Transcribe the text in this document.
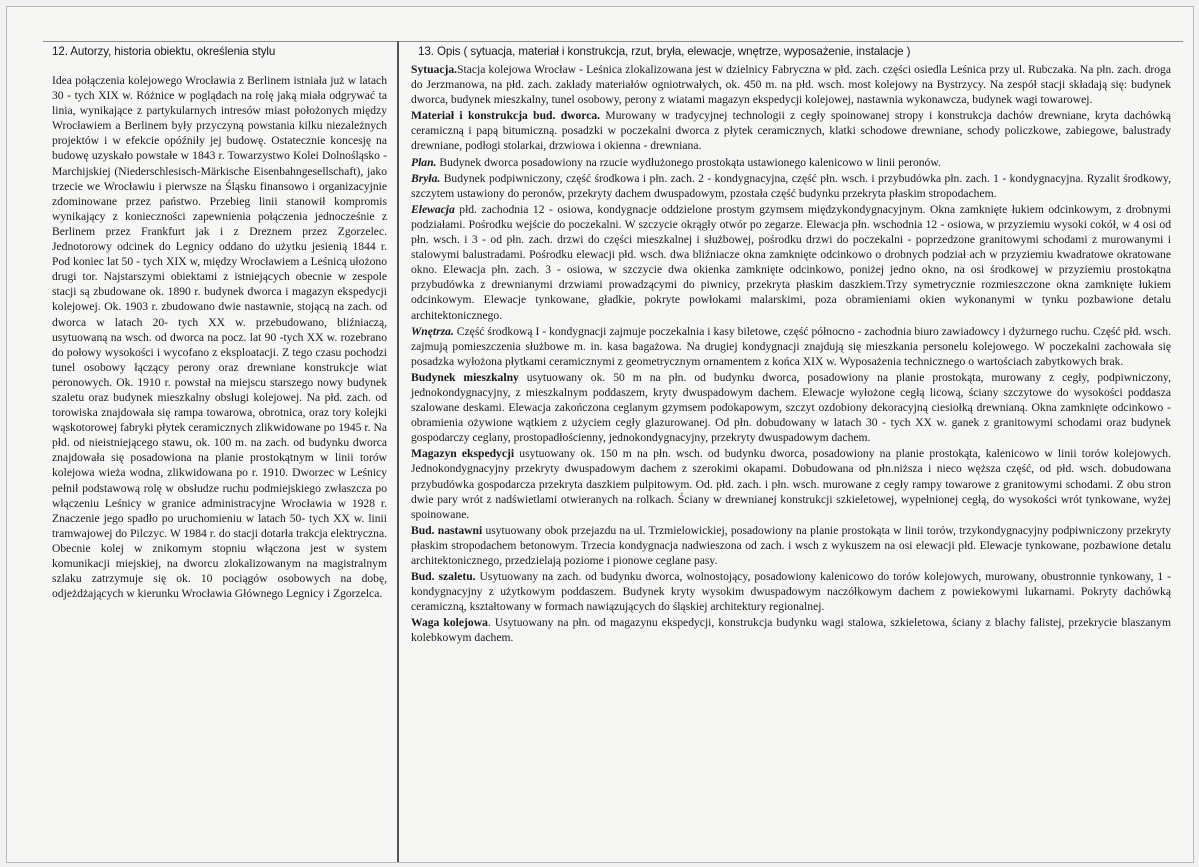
12. Autorzy, historia obiektu, określenia stylu	13. Opis ( sytuacja, materiał i konstrukcja, rzut, bryła, elewacje, wnętrze, wyposażenie, instalacje )

Idea połączenia kolejowego Wrocławia z Berlinem istniała już w latach 30 - tych XIX w. Różnice w poglądach na rolę jaką miała odgrywać ta linia, wynikające z partykularnych intresów miast położonych między Wrocławiem a Berlinem były przyczyną powstania kilku niezależnych projektów i w efekcie opóźniły jej budowę. Ostatecznie koncesję na budowę uzyskało powstałe w 1843 r. Towarzystwo Kolei Dolnośląsko - Marchijskiej (Niederschlesisch-Märkische Eisenbahngesellschaft), jako trzecie we Wrocławiu i pierwsze na Śląsku finansowo i organizacyjnie zdominowane przez państwo. Przebieg linii stanowił kompromis wynikający z konieczności zapewnienia połączenia jednocześnie z Berlinem przez Frankfurt jak i z Dreznem przez Zgorzelec. Jednotorowy odcinek do Legnicy oddano do użytku jesienią 1844 r. Pod koniec lat 50 - tych XIX w, między Wrocławiem a Leśnicą ułożono drugi tor. Najstarszymi obiektami z istniejących obecnie w zespole stacji są zbudowane ok. 1890 r. budynek dworca i magazyn ekspedycji kolejowej. Ok. 1903 r. zbudowano dwie nastawnie, stojącą na zach. od dworca w latach 20- tych XX w. przebudowano, bliźniaczą, usytuowaną na wsch. od dworca na pocz. lat 90 -tych XX w. rozebrano do połowy wysokości i wycofano z eksploatacji. Z tego czasu pochodzi tunel osobowy łączący perony oraz drewniane konstrukcje wiat peronowych. Ok. 1910 r. powstał na miejscu starszego nowy budynek szaletu oraz budynek mieszkalny obsługi kolejowej. Na płd. zach. od torowiska znajdowała się rampa towarowa, obrotnica, oraz tory kolejki wąskotorowej fabryki płytek ceramicznych zlikwidowane po 1945 r. Na płd. od nieistniejącego stawu, ok. 100 m. na zach. od budynku dworca znajdowała się posadowiona na planie prostokątnym w linii torów kolejowa wieża wodna, zlikwidowana po r. 1910. Dworzec w Leśnicy pełnił podstawową rolę w obsłudze ruchu podmiejskiego zwłaszcza po włączeniu Leśnicy w granice administracyjne Wrocławia w 1928 r. Znaczenie jego spadło po uruchomieniu w latach 50- tych XX w. linii tramwajowej do Pilczyc. W 1984 r. do stacji dotarła trakcja elektryczna. Obecnie kolej w znikomym stopniu włączona jest w system komunikacji miejskiej, na dworcu zlokalizowanym na magistralnym szlaku zatrzymuje się ok. 10 pociągów osobowych na dobę, odjeżdżających w kierunku Wrocławia Głównego Legnicy i Zgorzelca.

Sytuacja.Stacja kolejowa Wrocław - Leśnica zlokalizowana jest w dzielnicy Fabryczna w płd. zach. części osiedla Leśnica przy ul. Rubczaka. Na płn. zach. droga do Jerzmanowa, na płd. zach. zakłady materiałów ogniotrwałych, ok. 450 m. na płd. wsch. most kolejowy na Bystrzycy. Na zespół stacji składają się: budynek dworca, budynek mieszkalny, tunel osobowy, perony z wiatami magazyn ekspedycji kolejowej, nastawnia wykonawcza, budynek wagi towarowej.

Materiał i konstrukcja bud. dworca. Murowany w tradycyjnej technologii z cegły spoinowanej stropy i konstrukcja dachów drewniane, kryta dachówką ceramiczną i papą bitumiczną. posadzki w poczekalni dworca z płytek ceramicznych, klatki schodowe drewniane, schody policzkowe, zabiegowe, balustrady drewniane, podłogi stolarkai, drzwiowa i okienna - drewniana.

Plan. Budynek dworca posadowiony na rzucie wydłużonego prostokąta ustawionego kalenicowo w linii peronów.

Bryła. Budynek podpiwniczony, część środkowa i płn. zach. 2 - kondygnacyjna, część płn. wsch. i przybudówka płn. zach. 1 - kondygnacyjna. Ryzalit środkowy, szczytem ustawiony do peronów, przekryty dachem dwuspadowym, pzostała część budynku przekryta płaskim stropodachem.

Elewacja płd. zachodnia 12 - osiowa, kondygnacje oddzielone prostym gzymsem międzykondygnacyjnym. Okna zamknięte łukiem odcinkowym, z drobnymi podziałami. Pośrodku wejście do poczekalni. W szczycie okrągły otwór po zegarze. Elewacja płn. wschodnia 12 - osiowa, w przyziemiu wysoki cokół, w 4 osi od płn. wsch. i 3 - od płn. zach. drzwi do części mieszkalnej i służbowej, pośrodku drzwi do poczekalni - poprzedzone granitowymi schodami z murowanymi i stalowymi balustradami. Pośrodku elewacji płd. wsch. dwa bliźniacze okna zamknięte odcinkowo o drobnych podział ach w przyziemiu kwadratowe okratowane okno. Elewacja płn. zach. 3 - osiowa, w szczycie dwa okienka zamknięte odcinkowo, poniżej jedno okno, na osi środkowej w przyziemiu prostokątna przybudówka z drewnianymi drzwiami prowadzącymi do piwnicy, przekryta płaskim daszkiem.Trzy symetrycznie rozmieszczone okna zamknięte łukiem odcinkowym. Elewacje tynkowane, gładkie, pokryte powłokami malarskimi, poza obramieniami okien wykonanymi w tynku pozbawione detalu architektonicznego.

Wnętrza. Część środkową I - kondygnacji zajmuje poczekalnia i kasy biletowe, część północno - zachodnia biuro zawiadowcy i dyżurnego ruchu. Część płd. wsch. zajmują pomieszczenia służbowe m. in. kasa bagażowa. Na drugiej kondygnacji znajdują się mieszkania personelu kolejowego. W poczekalni zachowała się posadzka wyłożona płytkami ceramicznymi z geometrycznym ornamentem z końca XIX w. Wyposażenia technicznego o wartościach zabytkowych brak.

Budynek mieszkalny usytuowany ok. 50 m na płn. od budynku dworca, posadowiony na planie prostokąta, murowany z cegły, podpiwniczony, jednokondygnacyjny, z mieszkalnym poddaszem, kryty dwuspadowym dachem. Elewacje wyłożone cegłą licową, ściany szczytowe do wysokości poddasza szalowane deskami. Elewacja zakończona ceglanym gzymsem podokapowym, szczyt ozdobiony dekoracyjną ciesiołką drewnianą. Okna zamknięte odcinkowo - obramienia ożywione wątkiem z użyciem cegły glazurowanej. Od płn. dobudowany w latach 30 - tych XX w. ganek z granitowymi schodami oraz budynek gospodarczy ceglany, prostopadłościenny, jednokondygnacyjny, przekryty dwuspadowym dachem.

Magazyn ekspedycji usytuowany ok. 150 m na płn. wsch. od budynku dworca, posadowiony na planie prostokąta, kalenicowo w linii torów kolejowych. Jednokondygnacyjny przekryty dwuspadowym dachem z szerokimi okapami. Dobudowana od płn.niższa i nieco węższa część, od płd. wsch. dobudowana przybudówka gospodarcza przekryta daszkiem pulpitowym. Od. płd. zach. i płn. wsch. murowane z cegły rampy towarowe z granitowymi schodami. Z obu stron dwie pary wrót z nadświetlami otwieranych na rolkach. Ściany w drewnianej konstrukcji szkieletowej, wypełnionej cegłą, do wysokości wrót tynkowane, wyżej spoinowane.

Bud. nastawni usytuowany obok przejazdu na ul. Trzmielowickiej, posadowiony na planie prostokąta w linii torów, trzykondygnacyjny podpiwniczony przekryty płaskim stropodachem betonowym. Trzecia kondygnacja nadwieszona od zach. i wsch z wykuszem na osi elewacji płd. Elewacje tynkowane, pozbawione detalu architektonicznego, przedzielają poziome i pionowe ceglane pasy.

Bud. szaletu. Usytuowany na zach. od budynku dworca, wolnostojący, posadowiony kalenicowo do torów kolejowych, murowany, obustronnie tynkowany, 1 - kondygnacyjny z użytkowym poddaszem. Budynek kryty wysokim dwuspadowym naczółkowym dachem z powiekowymi lukarnami. Pokryty dachówką ceramiczną, kształtowany w formach nawiązujących do śląskiej architektury regionalnej.

Waga kolejowa. Usytuowany na płn. od magazynu ekspedycji, konstrukcja budynku wagi stalowa, szkieletowa, ściany z blachy falistej, przekrycie blaszanym kolebkowym dachem.
